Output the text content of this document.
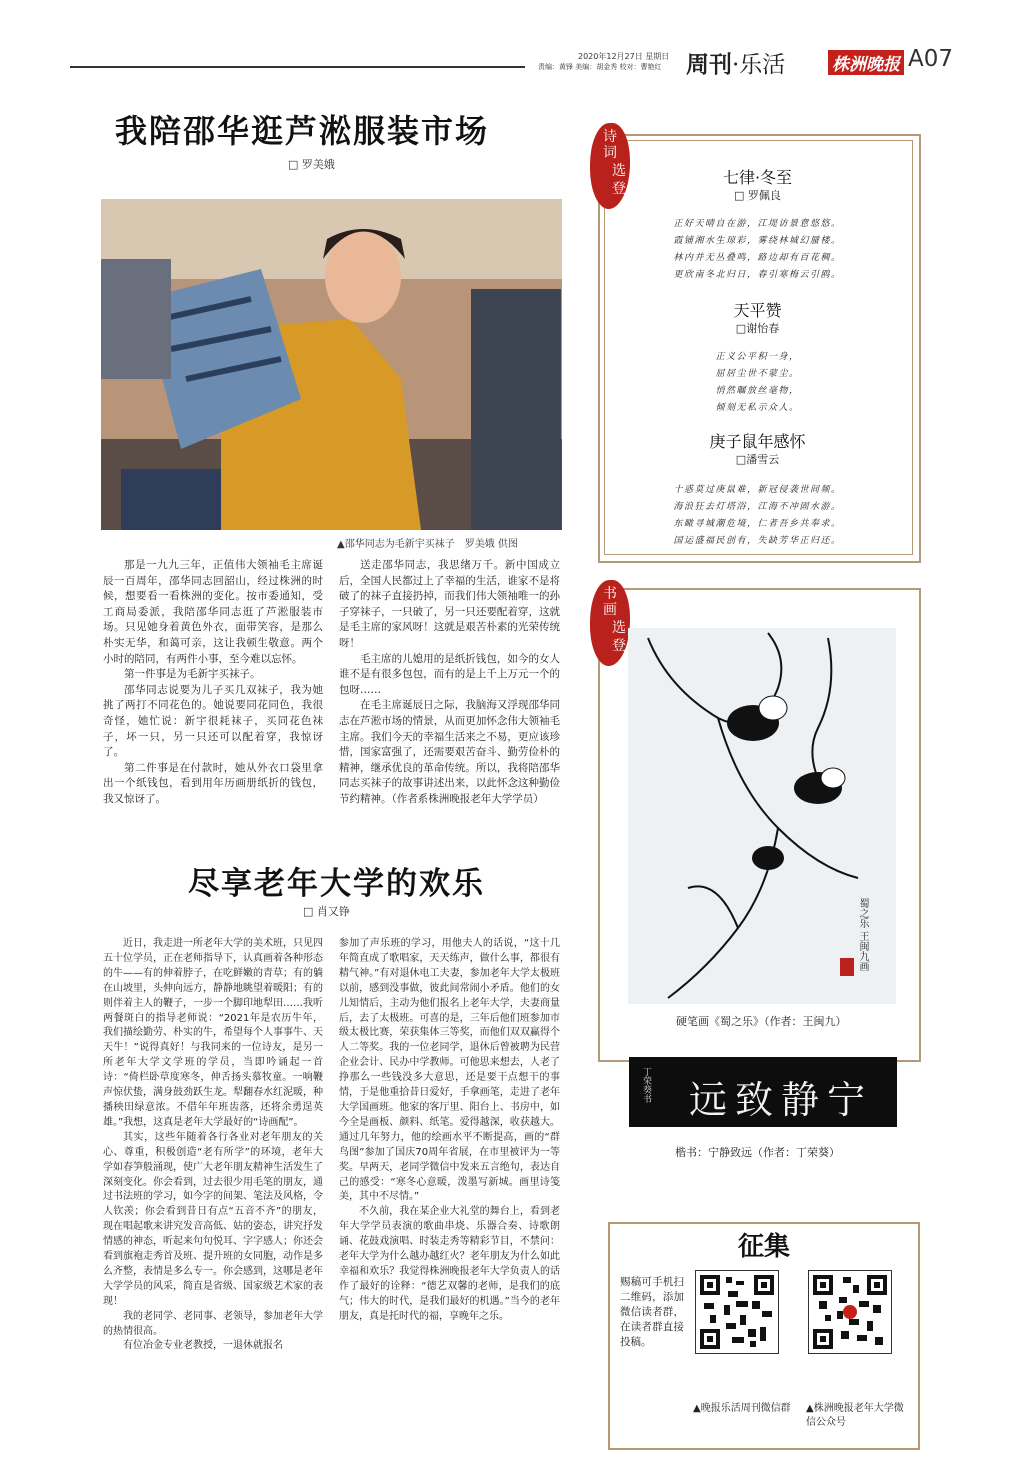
2020年12月27日 星期日
责编：黄锋 美编：胡金秀 校对：曹艳红 周刊·乐活	株洲晚报 A07
我陪邵华逛芦淞服装市场
□ 罗美娥
▲邵华同志为毛新宇买袜子　罗美娥 供图

那是一九九三年，正值伟大领袖毛主席诞辰一百周年，邵华同志回韶山，经过株洲的时候，想要看一看株洲的变化。按市委通知，受工商局委派，我陪邵华同志逛了芦淞服装市场。只见她身着黄色外衣，面带笑容，是那么朴实无华，和蔼可亲，这让我顿生敬意。两个小时的陪同，有两件小事，至今难以忘怀。

第一件事是为毛新宇买袜子。

邵华同志说要为儿子买几双袜子，我为她挑了两打不同花色的。她说要同花同色，我很奇怪，她忙说：新宇很耗袜子，买同花色袜子，坏一只，另一只还可以配着穿，我惊讶了。

第二件事是在付款时，她从外衣口袋里拿出一个纸钱包，看到用年历画册纸折的钱包，我又惊讶了。

送走邵华同志，我思绪万千。新中国成立后，全国人民都过上了幸福的生活，谁家不是将破了的袜子直接扔掉，而我们伟大领袖唯一的孙子穿袜子，一只破了，另一只还要配着穿，这就是毛主席的家风呀！这就是艰苦朴素的光荣传统呀！

毛主席的儿媳用的是纸折钱包，如今的女人谁不是有很多包包，而有的是上千上万元一个的包呀……

在毛主席诞辰日之际，我脑海又浮现邵华同志在芦淞市场的情景，从而更加怀念伟大领袖毛主席。我们今天的幸福生活来之不易，更应该珍惜，国家富强了，还需要艰苦奋斗、勤劳俭朴的精神，继承优良的革命传统。所以，我将陪邵华同志买袜子的故事讲述出来，以此怀念这种勤俭节约精神。（作者系株洲晚报老年大学学员）

尽享老年大学的欢乐
□ 肖又铮

近日，我走进一所老年大学的美术班，只见四五十位学员，正在老师指导下，认真画着各种形态的牛——有的伸着脖子，在吃鲜嫩的青草；有的躺在山坡里，头伸向远方，静静地眺望着暖阳；有的则伴着主人的鞭子，一步一个脚印地犁田……我听两餐斑白的指导老师说：“2021年是农历牛年，我们描绘勤劳、朴实的牛，希望每个人事事牛、天天牛！”说得真好！与我同来的一位诗友，是另一所老年大学文学班的学员，当即吟诵起一首诗：“倚栏卧草度寒冬，伸舌扬头慕牧童。一响鞭声惊伏蛰，满身鼓劲跃生龙。犁翻春水红泥暖，种播秧田绿意浓。不借年年班齿落，还将余勇逞英雄。”我想，这真是老年大学最好的“诗画配”。

其实，这些年随着各行各业对老年朋友的关心、尊重，积极创造“老有所学”的环境，老年大学如春笋般涌现，使广大老年朋友精神生活发生了深刻变化。你会看到，过去很少用毛笔的朋友，通过书法班的学习，如今字的间架、笔法及风格，令人钦羡；你会看到昔日有点“五音不齐”的朋友，现在唱起歌来讲究发音高低、姑的姿态，讲究抒发情感的神态，听起来句句悦耳、字字感人；你还会看到旗袍走秀首及班、提升班的女同胞，动作是多么齐整，表情是多么专一。你会感到，这哪是老年大学学员的风采，简直是省级、国家级艺术家的表现！

我的老同学、老同事、老领导，参加老年大学的热情很高。

有位冶金专业老教授，一退休就报名

参加了声乐班的学习，用他夫人的话说，“这十几年简直成了歌唱家，天天练声，做什么事，都很有精气神。”有对退休电工夫妻，参加老年大学太极班以前，感到没事做，彼此间常闹小矛盾。他们的女儿知情后，主动为他们报名上老年大学，夫妻商量后，去了太极班。可喜的是，三年后他们班参加市级太极比赛，荣获集体三等奖，而他们双双赢得个人二等奖。我的一位老同学，退休后曾被聘为民营企业会计、民办中学教师。可他思来想去，人老了挣那么一些钱没多大意思，还是要干点想干的事情，于是他重拾昔日爱好，手拿画笔，走进了老年大学国画班。他家的客厅里、阳台上、书房中，如今全是画板、颜料、纸笔。爱得越深，收获越大。通过几年努力，他的绘画水平不断提高，画的“群鸟图”参加了国庆70周年省展，在市里被评为一等奖。早两天，老同学微信中发来五言绝句，表达自己的感受：“寒冬心意暖，泼墨写新城。画里诗笺美，其中不尽情。”

不久前，我在某企业大礼堂的舞台上，看到老年大学学员表演的歌曲串烧、乐器合奏、诗歌朗诵、花鼓戏演唱、时装走秀等精彩节目，不禁问：老年大学为什么越办越红火？老年朋友为什么如此幸福和欢乐？我觉得株洲晚报老年大学负责人的话作了最好的诠释：“德艺双馨的老师，是我们的底气；伟大的时代，是我们最好的机遇。”当今的老年朋友，真是托时代的福，享晚年之乐。

诗
词
选
登
七律·冬至
□ 罗佩良
正好天晴自在游，江堤访景意悠悠。
霞铺湘水生琼彩，雾绕林城幻蜃楼。
林内并无丛叠鸣，路边却有百花稠。
更欣南冬北归日，春引寒梅云引鸥。
天平赞
□谢怡春
正义公平积一身，
屈居尘世不蒙尘。
悄然瞩放丝毫物，
倾刻无私示众人。
庚子鼠年感怀
□潘雪云
十惑莫过庚鼠难，新冠侵袭世间频。
海浪狂去灯塔浴，江海不冲固水游。
东瞰寻城潮危境，仁者吾乡共奉求。
国运盛福民创有，失缺芳华正归还。
书
画
选
登
蜀之乐 王闽九画
硬笔画《蜀之乐》（作者：王闽九）
宁静致远
丁荣葵书
楷书：宁静致远（作者：丁荣葵）
征集
赐稿可手机扫二维码，添加微信读者群，在读者群直接投稿。
▲晚报乐活周刊微信群	▲株洲晚报老年大学微信公众号
